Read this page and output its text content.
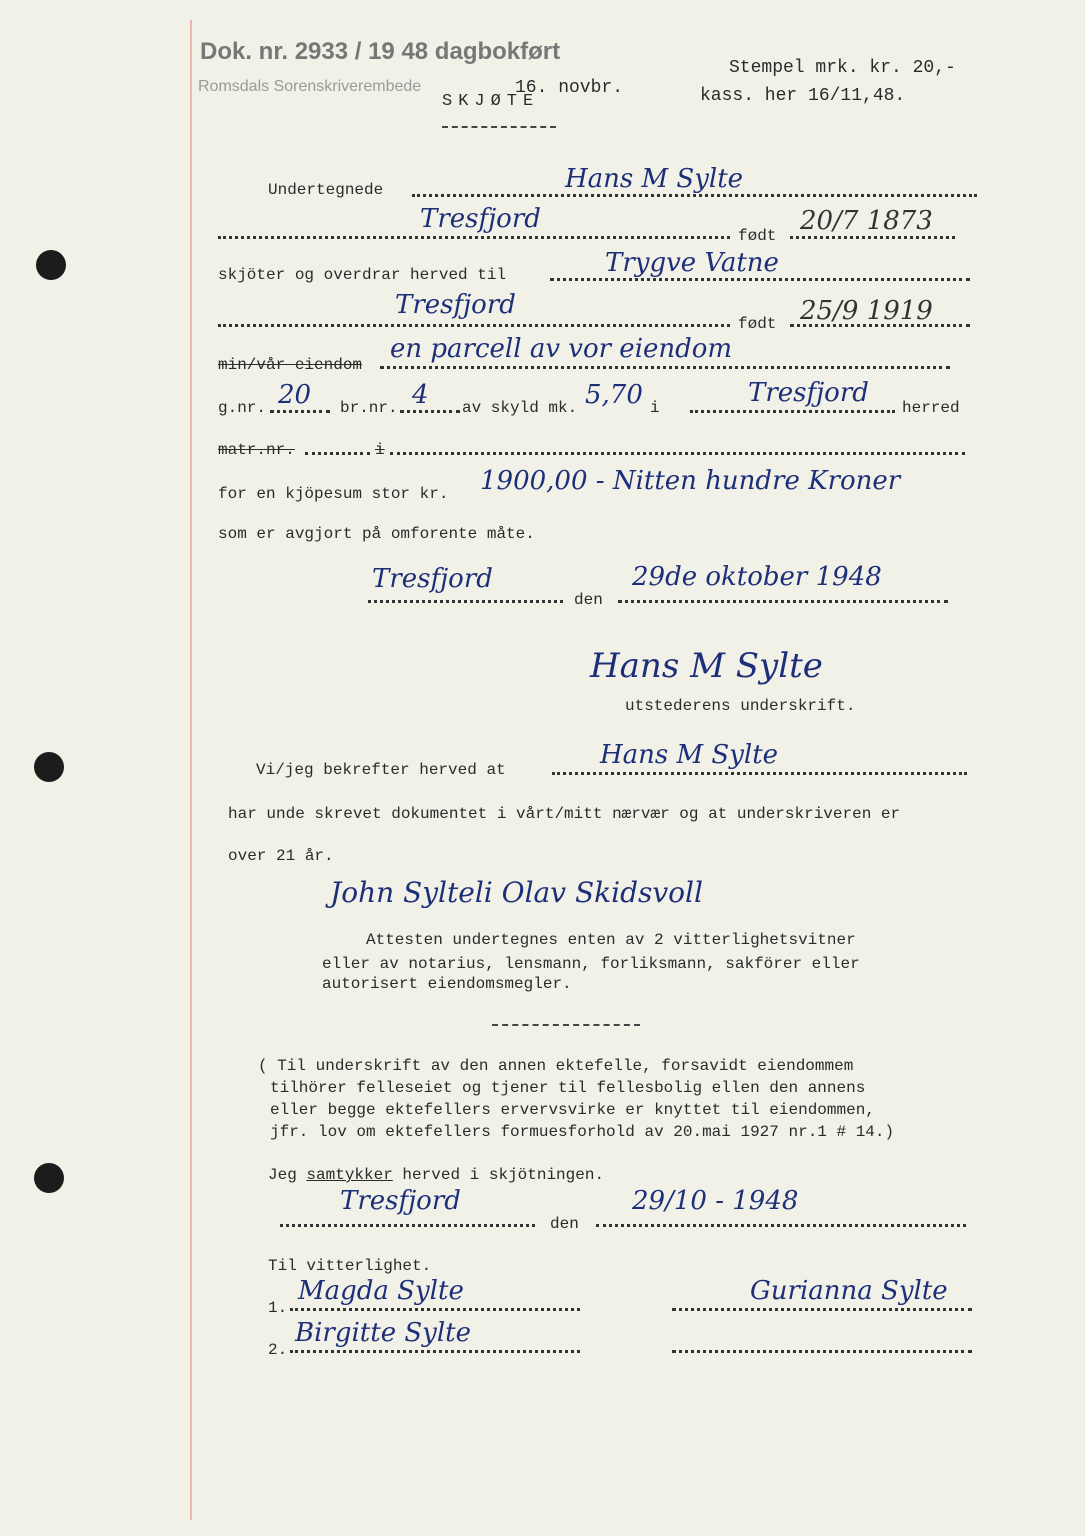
Dok. nr. 2933 / 19 48 dagbokført
Romsdals Sorenskriverembede	16. novbr.
SKJØTE
Stempel mrk. kr. 20,-
kass. her 16/11,48.
Undertegnede	Hans M Sylte
Tresfjord
født 20/7 1873
skjöter og overdrar herved til	Trygve Vatne
Tresfjord
født 25/9 1919
min/vår eiendom
en parcell av vor eiendom
g.nr. 20 br.nr. 4 av skyld mk. 5,70 i	Tresfjord herred
matr.nr.	i
for en kjöpesum stor kr. 1900,00 - Nitten hundre Kroner
som er avgjort på omforente måte.
Tresfjord
den
29de oktober 1948
Hans M Sylte
utstederens underskrift.
Vi/jeg bekrefter herved at	Hans M Sylte
har unde skrevet dokumentet i vårt/mitt nærvær og at underskriveren er
over 21 år.
John Sylteli Olav Skidsvoll
Attesten undertegnes enten av 2 vitterlighetsvitner
eller av notarius, lensmann, forliksmann, sakförer eller
autorisert eiendomsmegler.
( Til underskrift av den annen ektefelle, forsavidt eiendommem
tilhörer fellesеiet og tjener til fellesbolig ellen den annens
eller begge ektefellers ervervsvirke er knyttet til eiendommen,
jfr. lov om ektefellers formuesforhold av 20.mai 1927 nr.1 # 14.)
Jeg samtykker herved i skjötningen.
Tresfjord
den
29/10 - 1948
Til vitterlighet.
1.
Magda Sylte	Gurianna Sylte
2.
Birgitte Sylte
